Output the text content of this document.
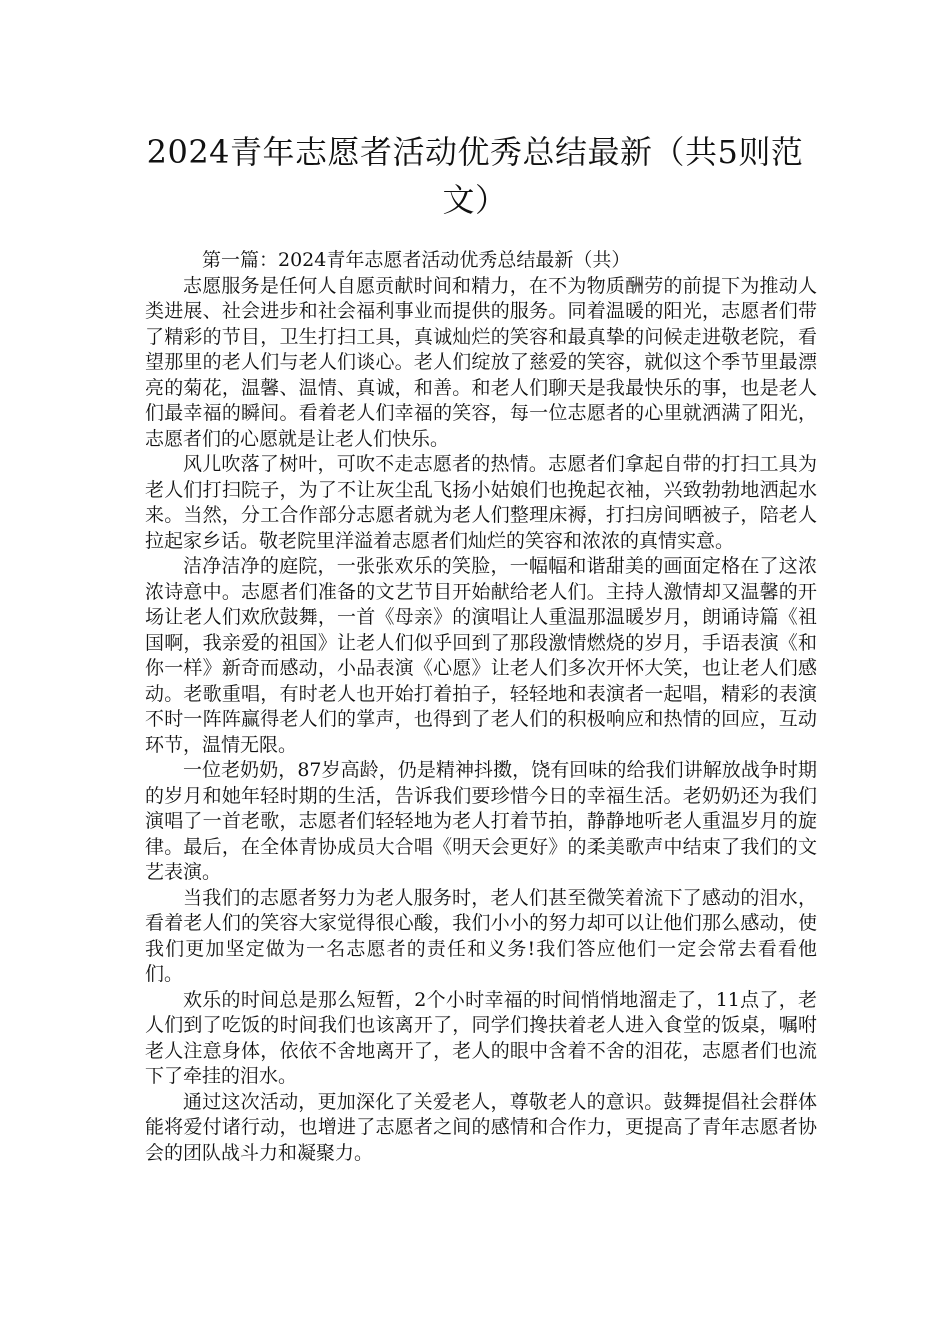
2024青年志愿者活动优秀总结最新（共5则范文）

第一篇：2024青年志愿者活动优秀总结最新（共）

志愿服务是任何人自愿贡献时间和精力，在不为物质酬劳的前提下为推动人类进展、社会进步和社会福利事业而提供的服务。同着温暖的阳光，志愿者们带了精彩的节目，卫生打扫工具，真诚灿烂的笑容和最真挚的问候走进敬老院，看望那里的老人们与老人们谈心。老人们绽放了慈爱的笑容，就似这个季节里最漂亮的菊花，温馨、温情、真诚，和善。和老人们聊天是我最快乐的事，也是老人们最幸福的瞬间。看着老人们幸福的笑容，每一位志愿者的心里就洒满了阳光，志愿者们的心愿就是让老人们快乐。

风儿吹落了树叶，可吹不走志愿者的热情。志愿者们拿起自带的打扫工具为老人们打扫院子，为了不让灰尘乱飞扬小姑娘们也挽起衣袖，兴致勃勃地洒起水来。当然，分工合作部分志愿者就为老人们整理床褥，打扫房间晒被子，陪老人拉起家乡话。敬老院里洋溢着志愿者们灿烂的笑容和浓浓的真情实意。

洁净洁净的庭院，一张张欢乐的笑脸，一幅幅和谐甜美的画面定格在了这浓浓诗意中。志愿者们准备的文艺节目开始献给老人们。主持人激情却又温馨的开场让老人们欢欣鼓舞，一首《母亲》的演唱让人重温那温暖岁月，朗诵诗篇《祖国啊，我亲爱的祖国》让老人们似乎回到了那段激情燃烧的岁月，手语表演《和你一样》新奇而感动，小品表演《心愿》让老人们多次开怀大笑，也让老人们感动。老歌重唱，有时老人也开始打着拍子，轻轻地和表演者一起唱，精彩的表演不时一阵阵赢得老人们的掌声，也得到了老人们的积极响应和热情的回应，互动环节，温情无限。

一位老奶奶，87岁高龄，仍是精神抖擞，饶有回味的给我们讲解放战争时期的岁月和她年轻时期的生活，告诉我们要珍惜今日的幸福生活。老奶奶还为我们演唱了一首老歌，志愿者们轻轻地为老人打着节拍，静静地听老人重温岁月的旋律。最后，在全体青协成员大合唱《明天会更好》的柔美歌声中结束了我们的文艺表演。

当我们的志愿者努力为老人服务时，老人们甚至微笑着流下了感动的泪水，看着老人们的笑容大家觉得很心酸，我们小小的努力却可以让他们那么感动，使我们更加坚定做为一名志愿者的责任和义务!我们答应他们一定会常去看看他们。

欢乐的时间总是那么短暂，2个小时幸福的时间悄悄地溜走了，11点了，老人们到了吃饭的时间我们也该离开了，同学们搀扶着老人进入食堂的饭桌，嘱咐老人注意身体，依依不舍地离开了，老人的眼中含着不舍的泪花，志愿者们也流下了牵挂的泪水。

通过这次活动，更加深化了关爱老人，尊敬老人的意识。鼓舞提倡社会群体能将爱付诸行动，也增进了志愿者之间的感情和合作力，更提高了青年志愿者协会的团队战斗力和凝聚力。
